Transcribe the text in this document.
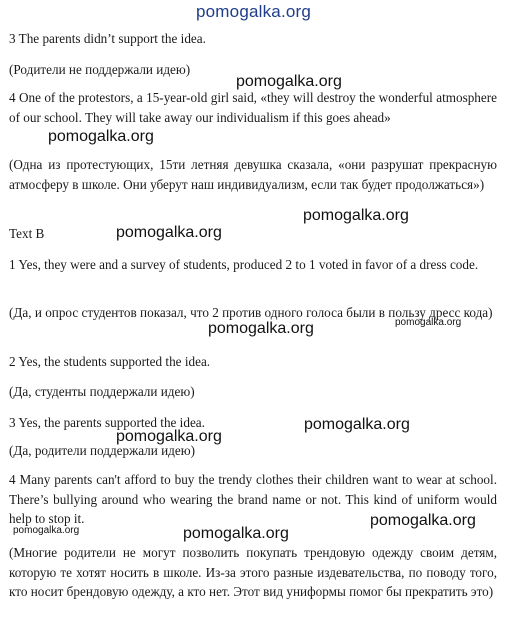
pomogalka.org

3 The parents didn’t support the idea.

(Родители не поддержали идею)

4 One of the protestors, a 15-year-old girl said, «they will destroy the wonderful atmosphere of our school. They will take away our individualism if this goes ahead»

(Одна из протестующих, 15ти летняя девушка сказала, «они разрушат прекрасную атмосферу в школе. Они уберут наш индивидуализм, если так будет продолжаться»)

Text B

1 Yes, they were and a survey of students, produced 2 to 1 voted in favor of a dress code.

(Да, и опрос студентов показал, что 2 против одного голоса были в пользу дресс кода)

2 Yes, the students supported the idea.

(Да, студенты поддержали идею)

3 Yes, the parents supported the idea.

(Да, родители поддержали идею)

4 Many parents can't afford to buy the trendy clothes their children want to wear at school. There’s bullying around who wearing the brand name or not. This kind of uniform would help to stop it.

(Многие родители не могут позволить покупать трендовую одежду своим детям, которую те хотят носить в школе. Из-за этого разные издевательства, по поводу того, кто носит брендовую одежду, а кто нет. Этот вид униформы помог бы прекратить это)

pomogalka.org
pomogalka.org
pomogalka.org
pomogalka.org
pomogalka.org	pomogalka.org
pomogalka.org
pomogalka.org
pomogalka.org
pomogalka.org
pomogalka.org
